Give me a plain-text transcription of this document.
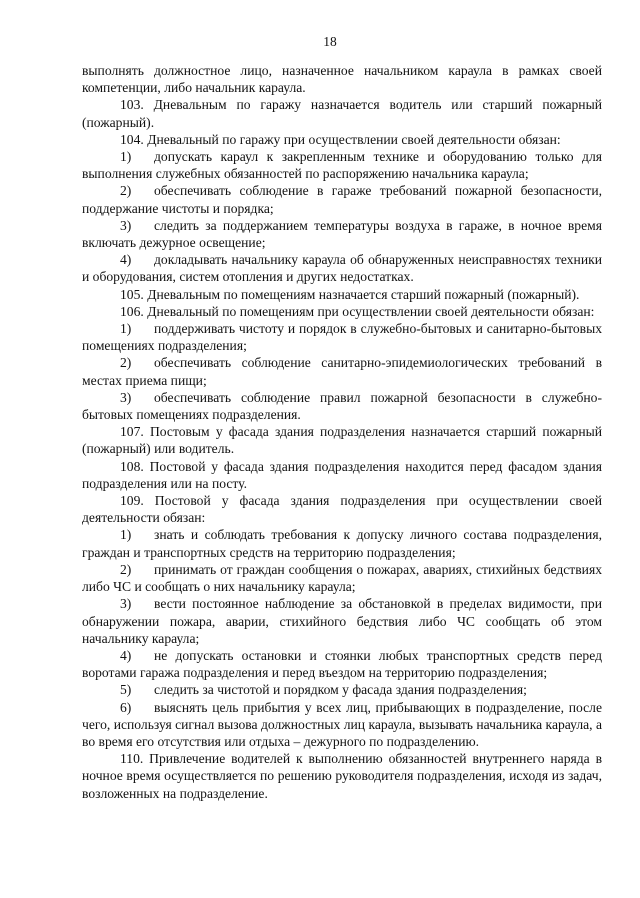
18

выполнять должностное лицо, назначенное начальником караула в рамках своей компетенции, либо начальник караула.

103. Дневальным по гаражу назначается водитель или старший пожарный (пожарный).

104. Дневальный по гаражу при осуществлении своей деятельности обязан:

1) допускать караул к закрепленным технике и оборудованию только для выполнения служебных обязанностей по распоряжению начальника караула;

2) обеспечивать соблюдение в гараже требований пожарной безопасности, поддержание чистоты и порядка;

3) следить за поддержанием температуры воздуха в гараже, в ночное время включать дежурное освещение;

4) докладывать начальнику караула об обнаруженных неисправностях техники и оборудования, систем отопления и других недостатках.

105. Дневальным по помещениям назначается старший пожарный (пожарный).

106. Дневальный по помещениям при осуществлении своей деятельности обязан:

1) поддерживать чистоту и порядок в служебно-бытовых и санитарно-бытовых помещениях подразделения;

2) обеспечивать соблюдение санитарно-эпидемиологических требований в местах приема пищи;

3) обеспечивать соблюдение правил пожарной безопасности в служебно-бытовых помещениях подразделения.

107. Постовым у фасада здания подразделения назначается старший пожарный (пожарный) или водитель.

108. Постовой у фасада здания подразделения находится перед фасадом здания подразделения или на посту.

109. Постовой у фасада здания подразделения при осуществлении своей деятельности обязан:

1) знать и соблюдать требования к допуску личного состава подразделения, граждан и транспортных средств на территорию подразделения;

2) принимать от граждан сообщения о пожарах, авариях, стихийных бедствиях либо ЧС и сообщать о них начальнику караула;

3) вести постоянное наблюдение за обстановкой в пределах видимости, при обнаружении пожара, аварии, стихийного бедствия либо ЧС сообщать об этом начальнику караула;

4) не допускать остановки и стоянки любых транспортных средств перед воротами гаража подразделения и перед въездом на территорию подразделения;

5) следить за чистотой и порядком у фасада здания подразделения;

6) выяснять цель прибытия у всех лиц, прибывающих в подразделение, после чего, используя сигнал вызова должностных лиц караула, вызывать начальника караула, а во время его отсутствия или отдыха – дежурного по подразделению.

110. Привлечение водителей к выполнению обязанностей внутреннего наряда в ночное время осуществляется по решению руководителя подразделения, исходя из задач, возложенных на подразделение.
